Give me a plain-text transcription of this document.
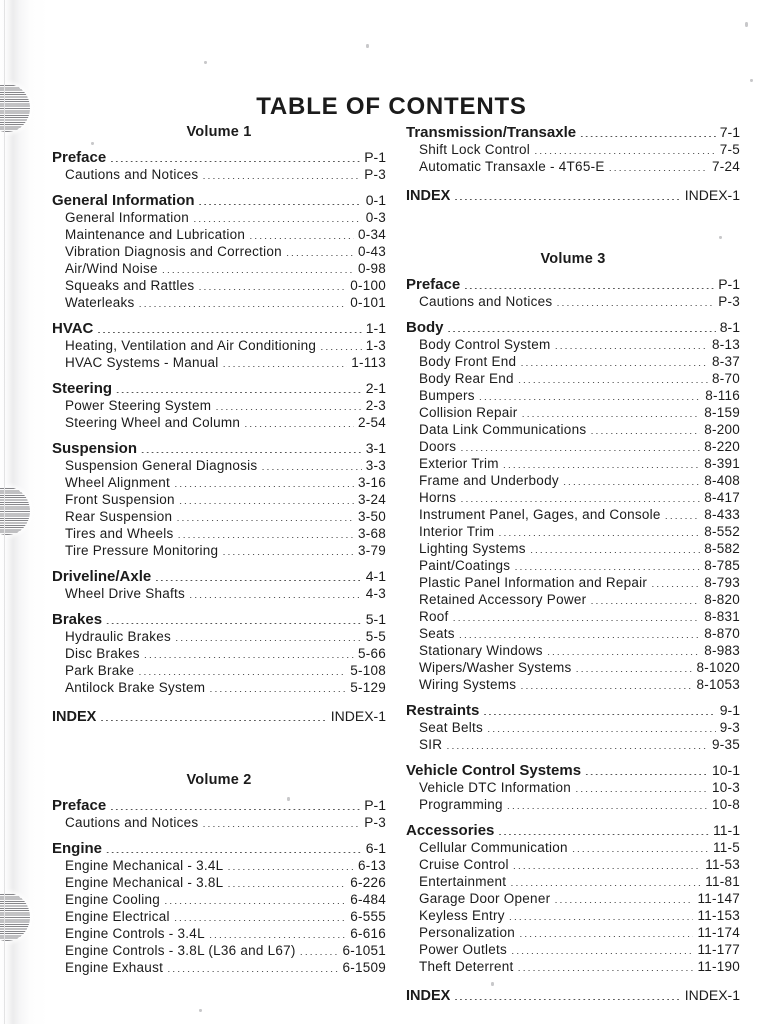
TABLE OF CONTENTS
Volume 1
Preface .....	P-1
Cautions and Notices .....	P-3
General Information .....	0-1
General Information .....	0-3
Maintenance and Lubrication .....	0-34
Vibration Diagnosis and Correction .....	0-43
Air/Wind Noise .....	0-98
Squeaks and Rattles .....	0-100
Waterleaks .....	0-101
HVAC .....	1-1
Heating, Ventilation and Air Conditioning .....	1-3
HVAC Systems - Manual .....	1-113
Steering .....	2-1
Power Steering System .....	2-3
Steering Wheel and Column .....	2-54
Suspension .....	3-1
Suspension General Diagnosis .....	3-3
Wheel Alignment .....	3-16
Front Suspension .....	3-24
Rear Suspension .....	3-50
Tires and Wheels .....	3-68
Tire Pressure Monitoring .....	3-79
Driveline/Axle .....	4-1
Wheel Drive Shafts .....	4-3
Brakes .....	5-1
Hydraulic Brakes .....	5-5
Disc Brakes .....	5-66
Park Brake .....	5-108
Antilock Brake System .....	5-129
INDEX .....	INDEX-1
Volume 2
Preface .....	P-1
Cautions and Notices .....	P-3
Engine .....	6-1
Engine Mechanical - 3.4L .....	6-13
Engine Mechanical - 3.8L .....	6-226
Engine Cooling .....	6-484
Engine Electrical .....	6-555
Engine Controls - 3.4L .....	6-616
Engine Controls - 3.8L (L36 and L67) .....	6-1051
Engine Exhaust .....	6-1509
Transmission/Transaxle .....	7-1
Shift Lock Control .....	7-5
Automatic Transaxle - 4T65-E .....	7-24
INDEX .....	INDEX-1
Volume 3
Preface .....	P-1
Cautions and Notices .....	P-3
Body .....	8-1
Body Control System .....	8-13
Body Front End .....	8-37
Body Rear End .....	8-70
Bumpers .....	8-116
Collision Repair .....	8-159
Data Link Communications .....	8-200
Doors .....	8-220
Exterior Trim .....	8-391
Frame and Underbody .....	8-408
Horns .....	8-417
Instrument Panel, Gages, and Console .....	8-433
Interior Trim .....	8-552
Lighting Systems .....	8-582
Paint/Coatings .....	8-785
Plastic Panel Information and Repair .....	8-793
Retained Accessory Power .....	8-820
Roof .....	8-831
Seats .....	8-870
Stationary Windows .....	8-983
Wipers/Washer Systems .....	8-1020
Wiring Systems .....	8-1053
Restraints .....	9-1
Seat Belts .....	9-3
SIR .....	9-35
Vehicle Control Systems .....	10-1
Vehicle DTC Information .....	10-3
Programming .....	10-8
Accessories .....	11-1
Cellular Communication .....	11-5
Cruise Control .....	11-53
Entertainment .....	11-81
Garage Door Opener .....	11-147
Keyless Entry .....	11-153
Personalization .....	11-174
Power Outlets .....	11-177
Theft Deterrent .....	11-190
INDEX .....	INDEX-1
